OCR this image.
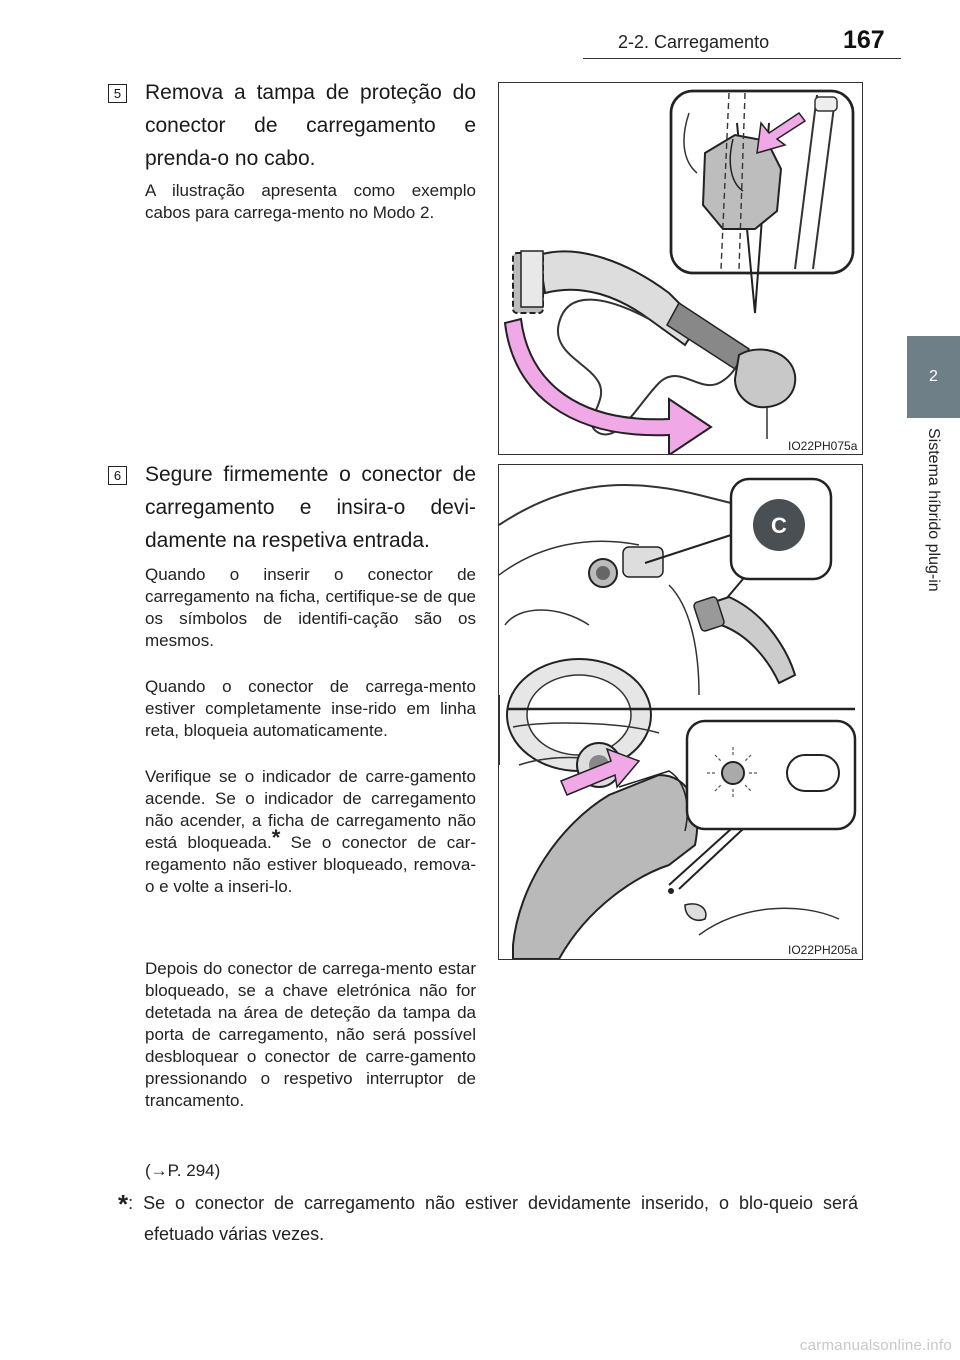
2-2. Carregamento	167
2
Sistema híbrido plug-in
5 Remova a tampa de proteção do conector de carregamento e prenda-o no cabo.

A ilustração apresenta como exemplo cabos para carrega-mento no Modo 2.

IO22PH075a
6 Segure firmemente o conector de carregamento e insira-o devi-damente na respetiva entrada.

Quando o inserir o conector de carregamento na ficha, certifique-se de que os símbolos de identifi-cação são os mesmos.

Quando o conector de carrega-mento estiver completamente inse-rido em linha reta, bloqueia automaticamente.

Verifique se o indicador de carre-gamento acende. Se o indicador de carregamento não acender, a ficha de carregamento não está bloqueada.* Se o conector de car-regamento não estiver bloqueado, remova-o e volte a inseri-lo.

Depois do conector de carrega-mento estar bloqueado, se a chave eletrónica não for detetada na área de deteção da tampa da porta de carregamento, não será possível desbloquear o conector de carre-gamento pressionando o respetivo interruptor de trancamento.

(→P. 294)

C
IO22PH205a
*: Se o conector de carregamento não estiver devidamente inserido, o blo-queio será efetuado várias vezes.
carmanualsonline.info
